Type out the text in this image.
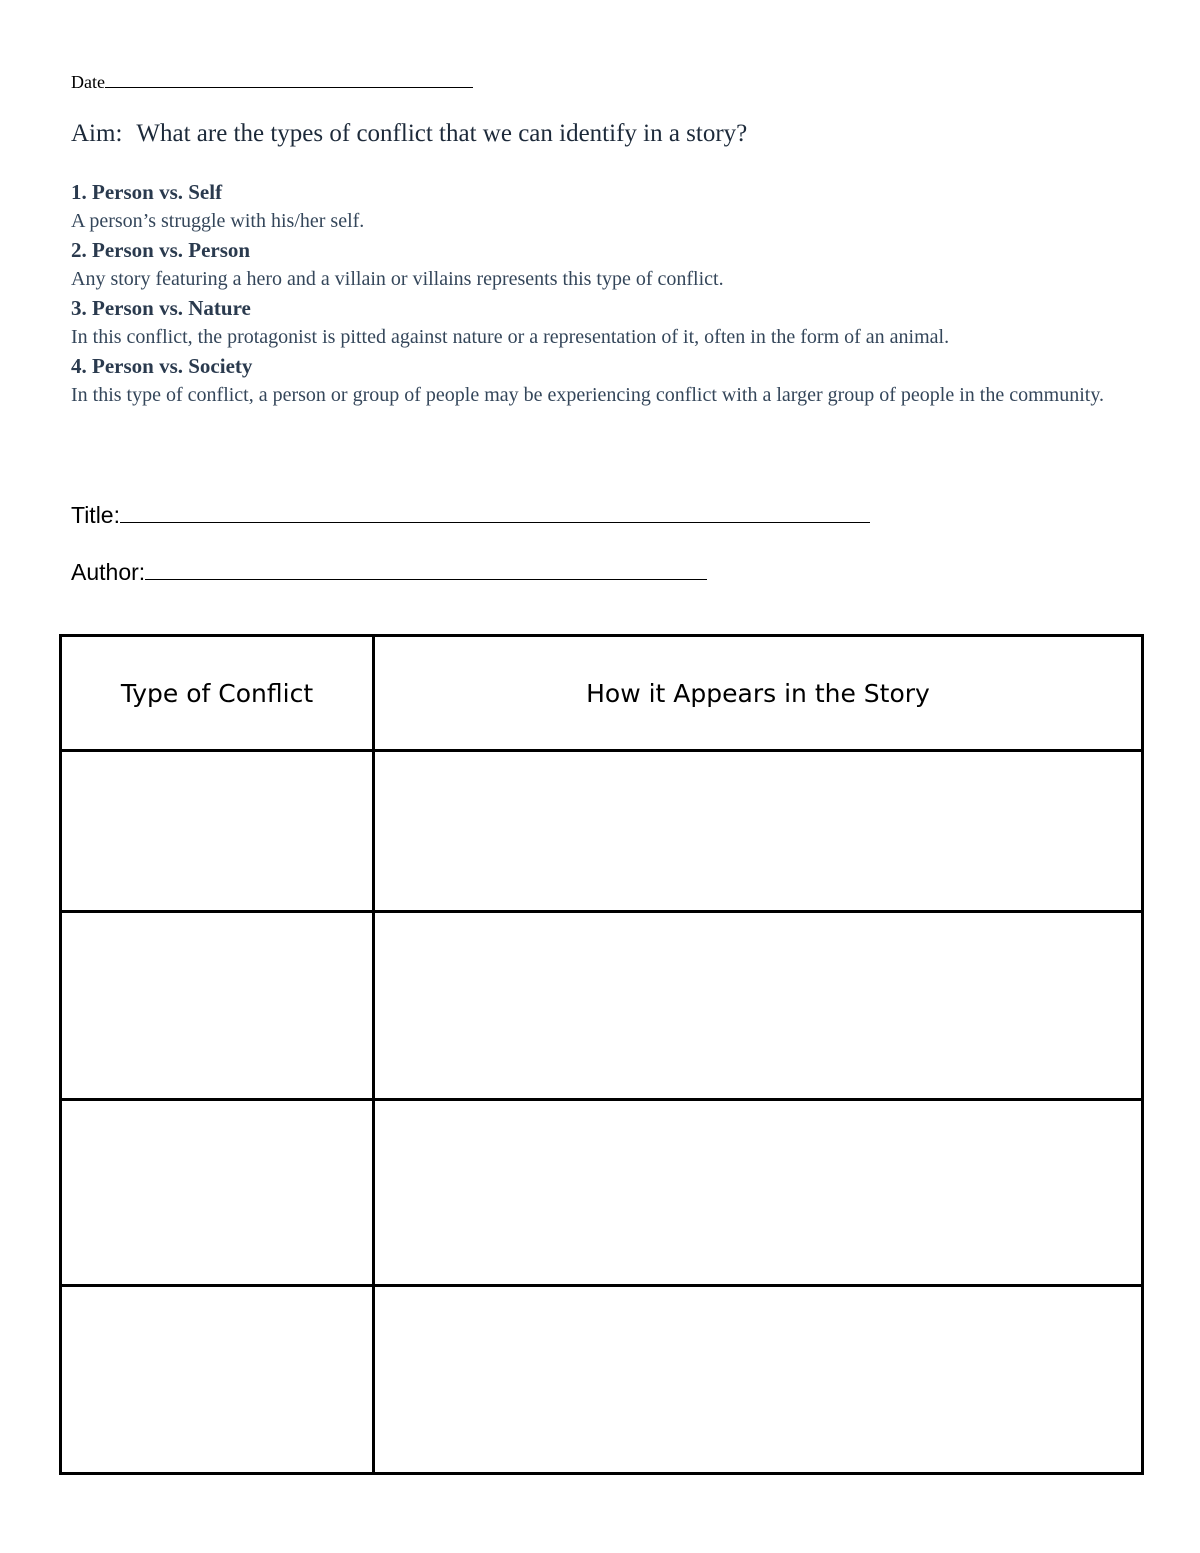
Date
Aim: What are the types of conflict that we can identify in a story?
1. Person vs. Self
A person’s struggle with his/her self.
2. Person vs. Person
Any story featuring a hero and a villain or villains represents this type of conflict.
3. Person vs. Nature
In this conflict, the protagonist is pitted against nature or a representation of it, often in the form of an animal.
4. Person vs. Society
In this type of conflict, a person or group of people may be experiencing conflict with a larger group of people in the community.
Title:
Author:
Type of Conflict	How it Appears in the Story
